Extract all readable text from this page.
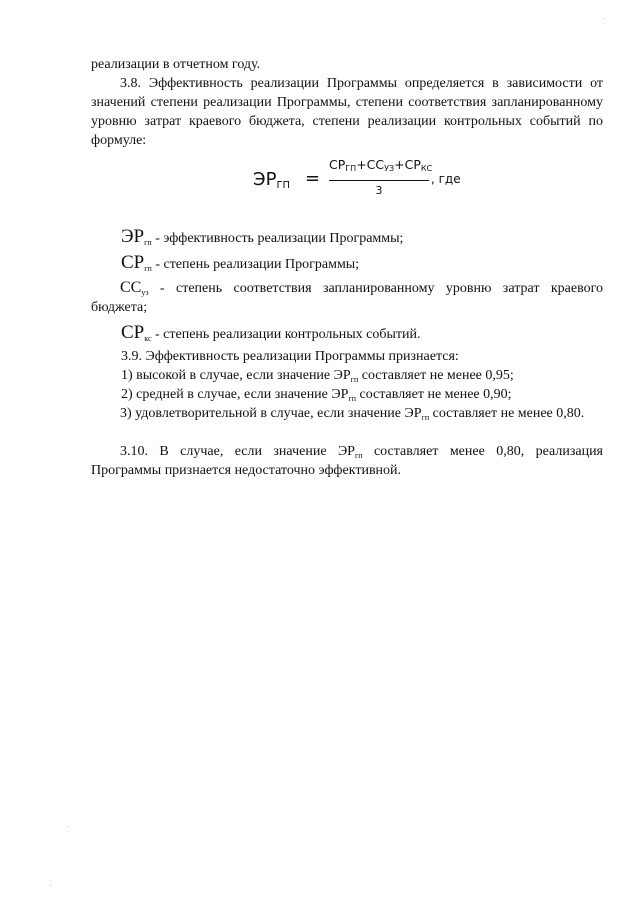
реализации в отчетном году.
3.8. Эффективность реализации Программы определяется в зависимости от значений степени реализации Программы, степени соответствия запланированному уровню затрат краевого бюджета, степени реализации контрольных событий по формуле:
$ЭР_{ГП}$ =
$СР_{ГП}+СС_{УЗ}+СР_{КС}$
3
, где
$ЭР_{гп}$ - эффективность реализации Программы;
$СР_{гп}$ - степень реализации Программы;
$СС_{уз}$ - степень соответствия запланированному уровню затрат краевого бюджета;
$СР_{кс}$ - степень реализации контрольных событий.
3.9. Эффективность реализации Программы признается:
1) высокой в случае, если значение $ЭР_{гп}$ составляет не менее 0,95;
2) средней в случае, если значение $ЭР_{гп}$ составляет не менее 0,90;
3) удовлетворительной в случае, если значение $ЭР_{гп}$ составляет не менее 0,80.
3.10. В случае, если значение $ЭР_{гп}$ составляет менее 0,80, реализация Программы признается недостаточно эффективной.
